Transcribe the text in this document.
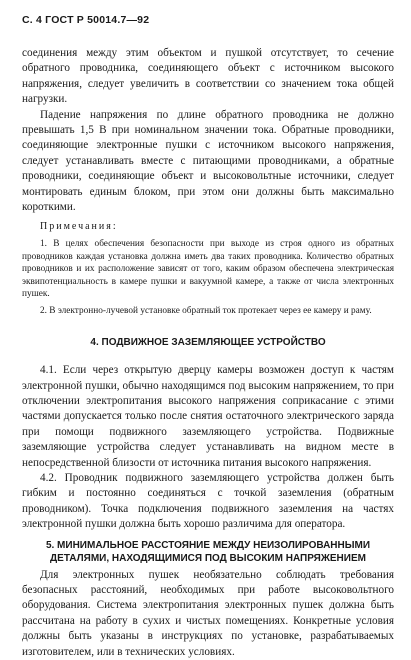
С. 4 ГОСТ Р 50014.7—92

соединения между этим объектом и пушкой отсутствует, то сечение обратного проводника, соединяющего объект с источником высокого напряжения, следует увеличить в соответствии со значением тока общей нагрузки.

Падение напряжения по длине обратного проводника не должно превышать 1,5 В при номинальном значении тока. Обратные проводники, соединяющие электронные пушки с источником высокого напряжения, следует устанавливать вместе с питающими проводниками, а обратные проводники, соединяющие объект и высоковольтные источники, следует монтировать единым блоком, при этом они должны быть максимально короткими.

Примечания:

1. В целях обеспечения безопасности при выходе из строя одного из обратных проводников каждая установка должна иметь два таких проводника. Количество обратных проводников и их расположение зависят от того, каким образом обеспечена электрическая эквипотенциальность в камере пушки и вакуумной камере, а также от числа электронных пушек.

2. В электронно-лучевой установке обратный ток протекает через ее камеру и раму.

4. ПОДВИЖНОЕ ЗАЗЕМЛЯЮЩЕЕ УСТРОЙСТВО

4.1. Если через открытую дверцу камеры возможен доступ к частям электронной пушки, обычно находящимся под высоким напряжением, то при отключении электропитания высокого напряжения соприкасание с этими частями допускается только после снятия остаточного электрического заряда при помощи подвижного заземляющего устройства. Подвижные заземляющие устройства следует устанавливать на видном месте в непосредственной близости от источника питания высокого напряжения.

4.2. Проводник подвижного заземляющего устройства должен быть гибким и постоянно соединяться с точкой заземления (обратным проводником). Точка подключения подвижного заземления на частях электронной пушки должна быть хорошо различима для оператора.

5. МИНИМАЛЬНОЕ РАССТОЯНИЕ МЕЖДУ НЕИЗОЛИРОВАННЫМИ
ДЕТАЛЯМИ, НАХОДЯЩИМИСЯ ПОД ВЫСОКИМ НАПРЯЖЕНИЕМ

Для электронных пушек необязательно соблюдать требования безопасных расстояний, необходимых при работе высоковольтного оборудования. Система электропитания электронных пушек должна быть рассчитана на работу в сухих и чистых помещениях. Конкретные условия должны быть указаны в инструкциях по установке, разрабатываемых изготовителем, или в технических условиях.
